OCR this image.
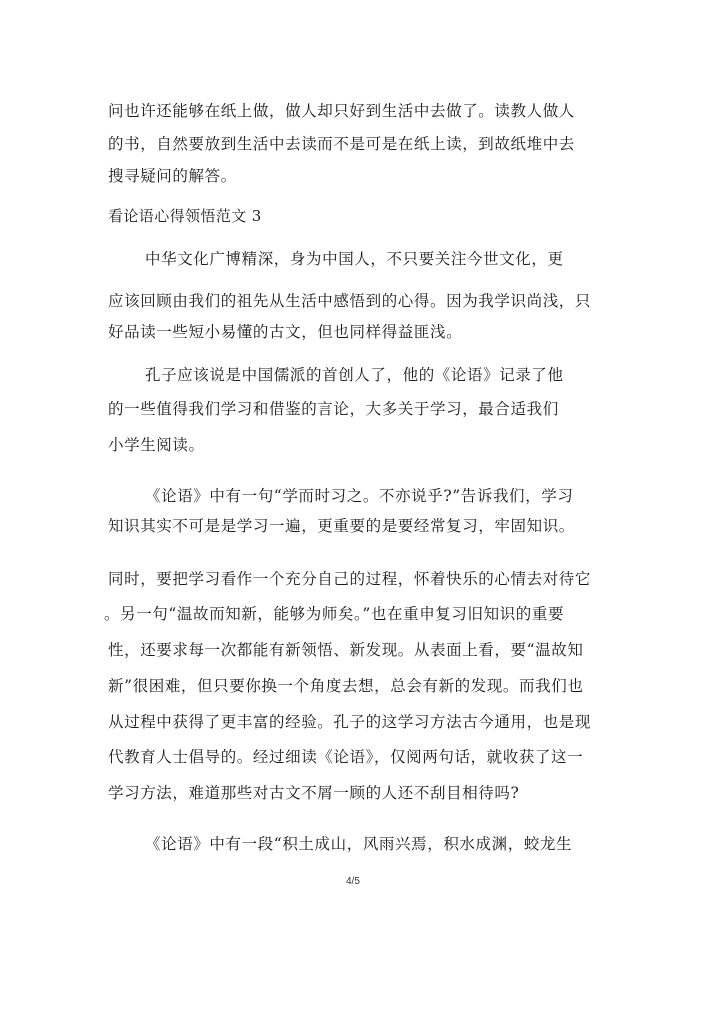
问也许还能够在纸上做，做人却只好到生活中去做了。读教人做人
的书，自然要放到生活中去读而不是可是在纸上读，到故纸堆中去
搜寻疑问的解答。
看论语心得领悟范文 3
中华文化广博精深，身为中国人，不只要关注今世文化，更
应该回顾由我们的祖先从生活中感悟到的心得。因为我学识尚浅，只
好品读一些短小易懂的古文，但也同样得益匪浅。
孔子应该说是中国儒派的首创人了，他的《论语》记录了他
的一些值得我们学习和借鉴的言论，大多关于学习，最合适我们
小学生阅读。
《论语》中有一句“学而时习之。不亦说乎?”告诉我们，学习
知识其实不可是是学习一遍，更重要的是要经常复习，牢固知识。
同时，要把学习看作一个充分自己的过程，怀着快乐的心情去对待它
。另一句“温故而知新，能够为师矣。”也在重申复习旧知识的重要
性，还要求每一次都能有新领悟、新发现。从表面上看，要“温故知
新”很困难，但只要你换一个角度去想，总会有新的发现。而我们也
从过程中获得了更丰富的经验。孔子的这学习方法古今通用，也是现
代教育人士倡导的。经过细读《论语》，仅阅两句话，就收获了这一
学习方法，难道那些对古文不屑一顾的人还不刮目相待吗?
《论语》中有一段“积土成山，风雨兴焉，积水成渊，蛟龙生
4/5
